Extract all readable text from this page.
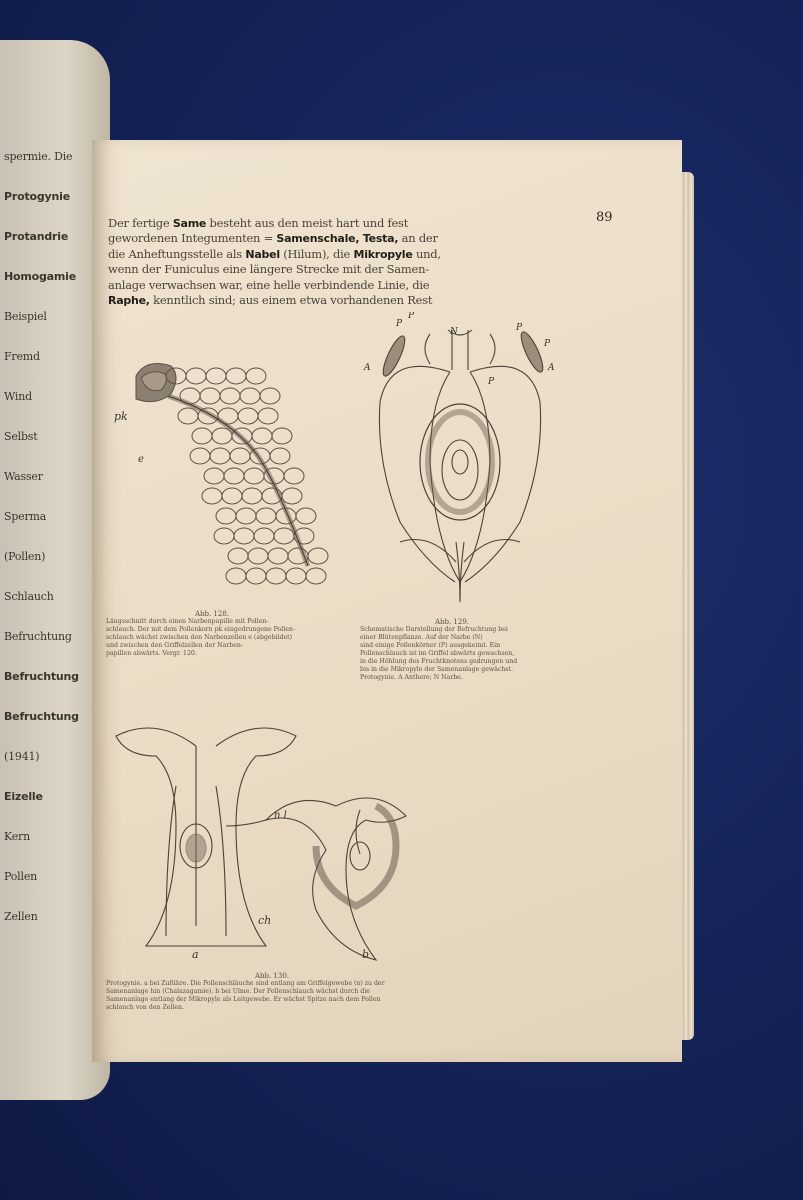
spermie. Die
Protogynie
Protandrie
Homogamie
Beispiel
Fremd
Wind
Selbst
Wasser
Sperma
(Pollen)
Schlauch
Befruchtung
Befruchtung
Befruchtung
(1941)
Eizelle
Kern
Pollen
Zellen
89
Der fertige Same besteht aus den meist hart und fest
gewordenen Integumenten = Samenschale, Testa, an der
die Anheftungsstelle als Nabel (Hilum), die Mikropyle und,
wenn der Funiculus eine längere Strecke mit der Samen-
anlage verwachsen war, eine helle verbindende Linie, die
Raphe, kenntlich sind; aus einem etwa vorhandenen Rest
pk
e
P
P
N
A
P
P
P
A
Abb. 128.
Längsschnitt durch einen Narbenpapille mit Pollen-
schlauch. Der mit dem Pollenkorn pk eingedrungene Pollen-
schlauch wächst zwischen den Narbenzellen e (abgebildet)
und zwischen den Griffelzellen der Narben-
papillen abwärts. Vergr. 120.
Abb. 129.
Schematische Darstellung der Befruchtung bei
einer Blütenpflanze. Auf der Narbe (N)
sind einige Pollenkörner (P) ausgekeimt. Ein
Pollenschlauch ist im Griffel abwärts gewachsen,
in die Höhlung des Fruchtknotens gedrungen und
bis in die Mikropyle der Samenanlage gewächst.
Protogynie. A Anthere; N Narbe.
n l
ch
a	b
Abb. 130.
Protogynie. a bei Zuführe. Die Pollenschläuche sind entlang am Griffelgewebe (n) zu der
Samenanlage hin (Chalazagamie). b bei Ulme. Der Pollenschlauch wächst durch die
Samenanlage entlang der Mikropyle als Leitgewebe. Er wächst Spitze nach dem Pollen
schlauch von den Zellen.
